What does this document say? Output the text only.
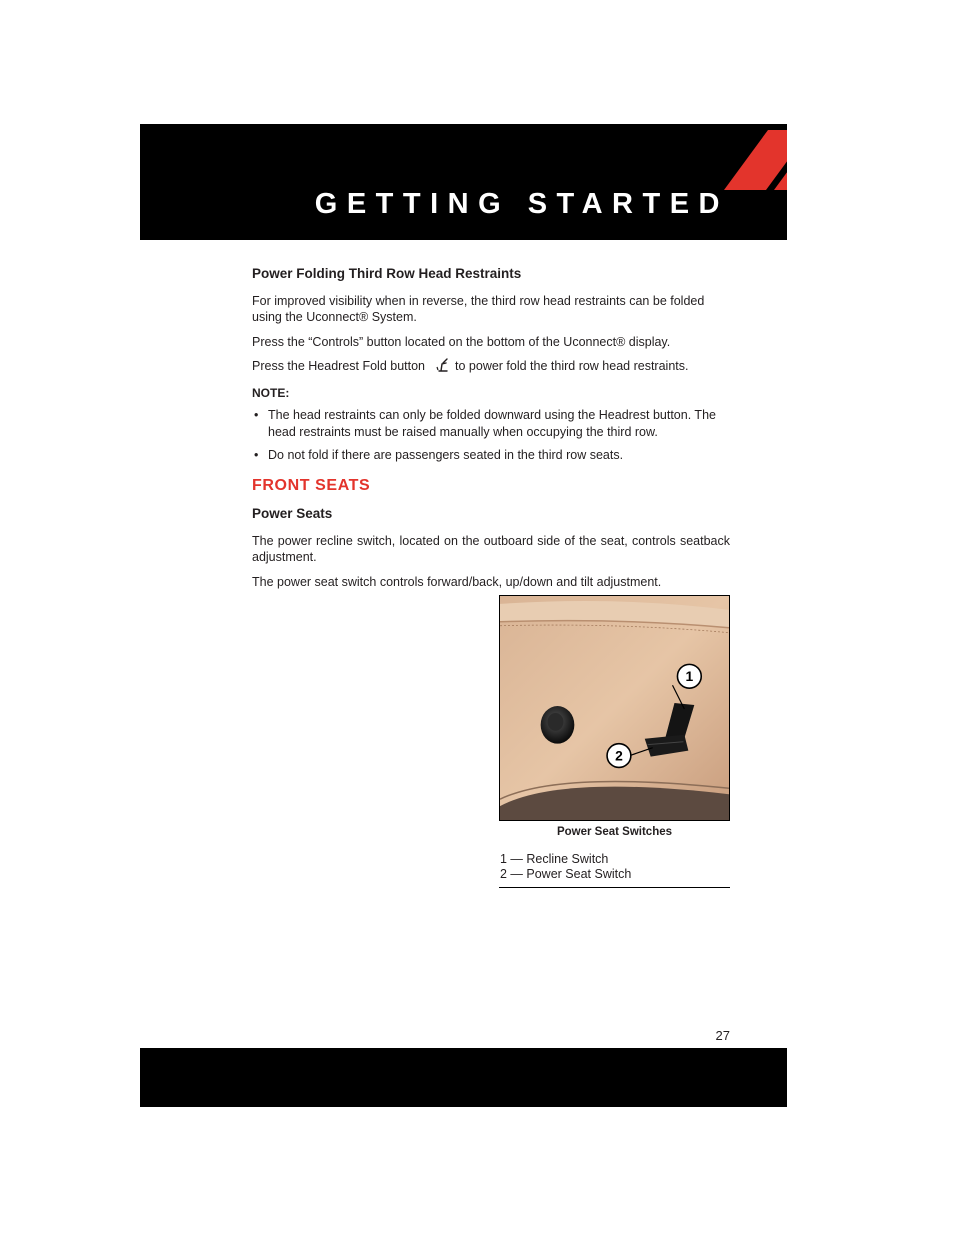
GETTING STARTED
Power Folding Third Row Head Restraints

For improved visibility when in reverse, the third row head restraints can be folded using the Uconnect® System.

Press the “Controls” button located on the bottom of the Uconnect® display.

Press the Headrest Fold button to power fold the third row head restraints.

NOTE:
• The head restraints can only be folded downward using the Headrest button. The head restraints must be raised manually when occupying the third row.
• Do not fold if there are passengers seated in the third row seats.
FRONT SEATS
Power Seats

The power recline switch, located on the outboard side of the seat, controls seatback adjustment.

The power seat switch controls forward/back, up/down and tilt adjustment.

1
2
Power Seat Switches
1 — Recline Switch
2 — Power Seat Switch
27
